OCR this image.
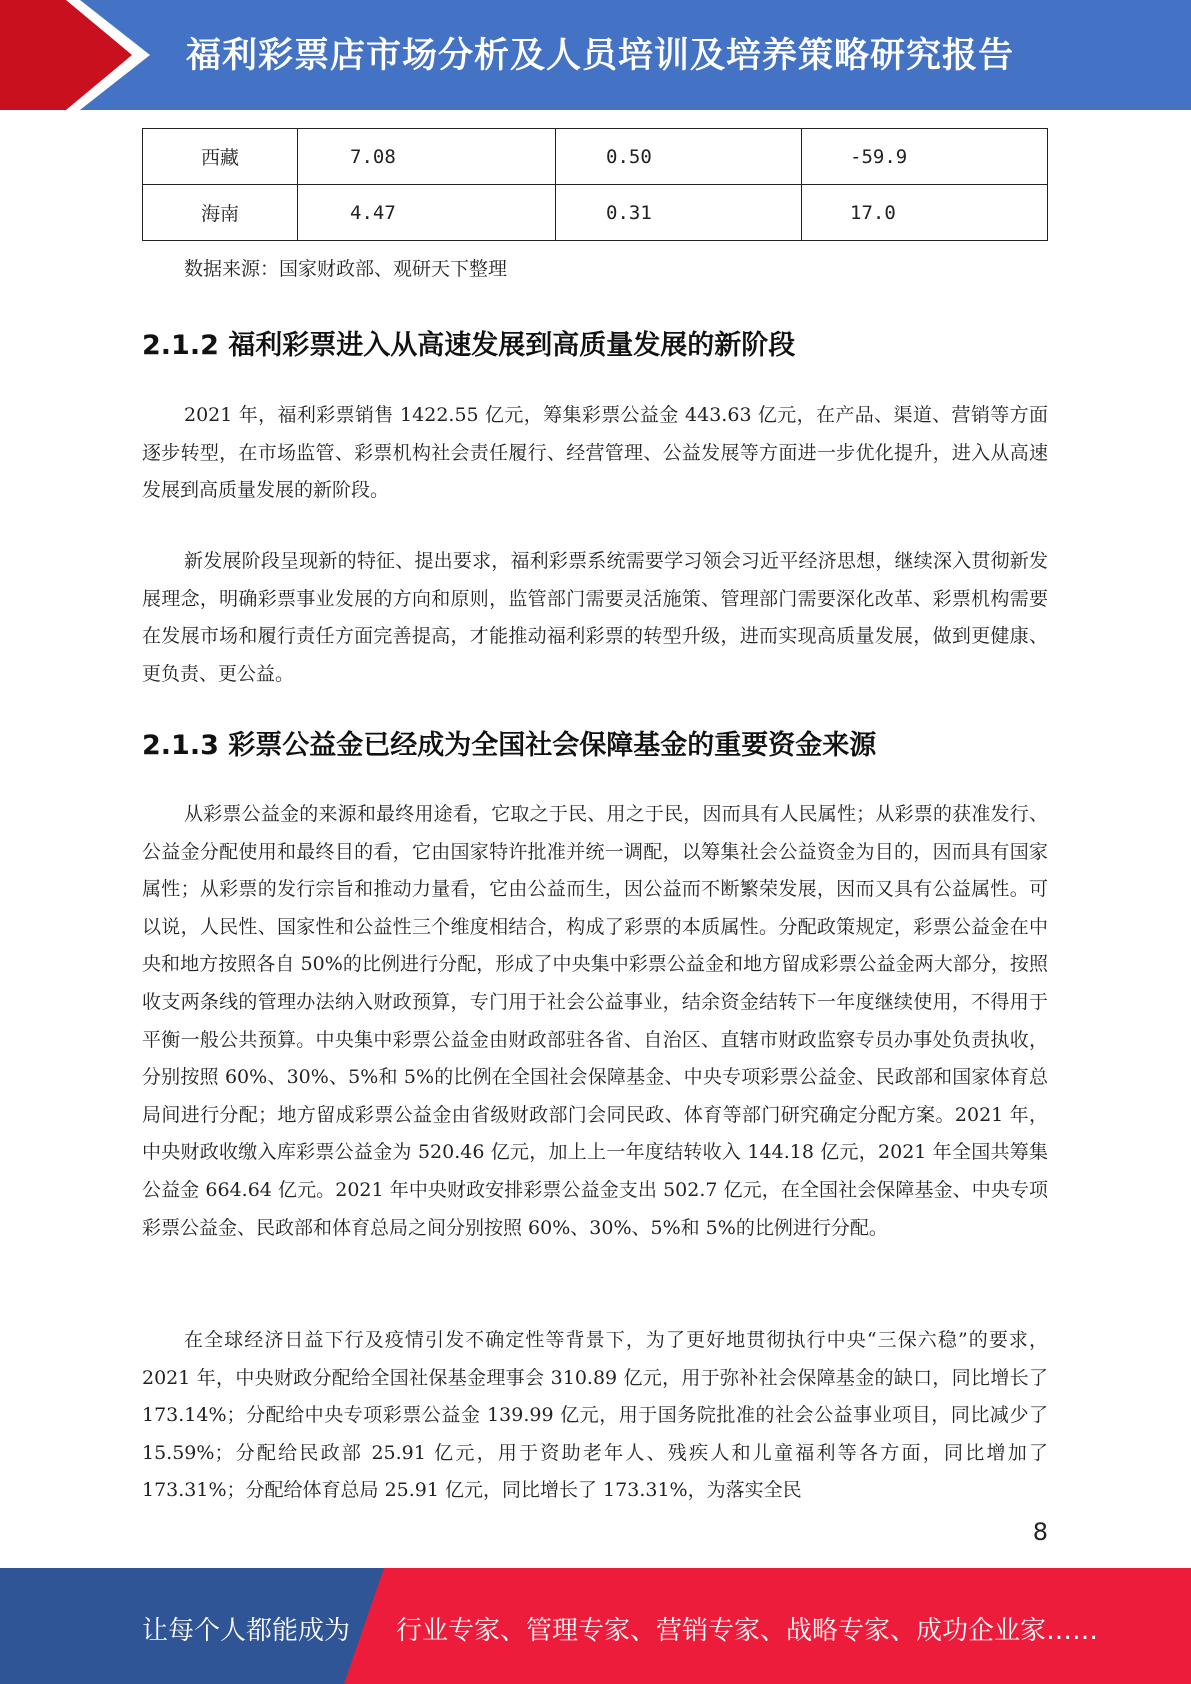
福利彩票店市场分析及人员培训及培养策略研究报告
西藏	7.08	0.50	-59.9
海南	4.47	0.31	17.0
数据来源：国家财政部、观研天下整理
2.1.2 福利彩票进入从高速发展到高质量发展的新阶段

2021 年，福利彩票销售 1422.55 亿元，筹集彩票公益金 443.63 亿元，在产品、渠道、营销等方面逐步转型，在市场监管、彩票机构社会责任履行、经营管理、公益发展等方面进一步优化提升，进入从高速发展到高质量发展的新阶段。

新发展阶段呈现新的特征、提出要求，福利彩票系统需要学习领会习近平经济思想，继续深入贯彻新发展理念，明确彩票事业发展的方向和原则，监管部门需要灵活施策、管理部门需要深化改革、彩票机构需要在发展市场和履行责任方面完善提高，才能推动福利彩票的转型升级，进而实现高质量发展，做到更健康、更负责、更公益。

2.1.3 彩票公益金已经成为全国社会保障基金的重要资金来源

从彩票公益金的来源和最终用途看，它取之于民、用之于民，因而具有人民属性；从彩票的获准发行、公益金分配使用和最终目的看，它由国家特许批准并统一调配，以筹集社会公益资金为目的，因而具有国家属性；从彩票的发行宗旨和推动力量看，它由公益而生，因公益而不断繁荣发展，因而又具有公益属性。可以说，人民性、国家性和公益性三个维度相结合，构成了彩票的本质属性。分配政策规定，彩票公益金在中央和地方按照各自 50%的比例进行分配，形成了中央集中彩票公益金和地方留成彩票公益金两大部分，按照收支两条线的管理办法纳入财政预算，专门用于社会公益事业，结余资金结转下一年度继续使用，不得用于平衡一般公共预算。中央集中彩票公益金由财政部驻各省、自治区、直辖市财政监察专员办事处负责执收，分别按照 60%、30%、5%和 5%的比例在全国社会保障基金、中央专项彩票公益金、民政部和国家体育总局间进行分配；地方留成彩票公益金由省级财政部门会同民政、体育等部门研究确定分配方案。2021 年，中央财政收缴入库彩票公益金为 520.46 亿元，加上上一年度结转收入 144.18 亿元，2021 年全国共筹集公益金 664.64 亿元。2021 年中央财政安排彩票公益金支出 502.7 亿元，在全国社会保障基金、中央专项彩票公益金、民政部和体育总局之间分别按照 60%、30%、5%和 5%的比例进行分配。

在全球经济日益下行及疫情引发不确定性等背景下，为了更好地贯彻执行中央“三保六稳”的要求，2021 年，中央财政分配给全国社保基金理事会 310.89 亿元，用于弥补社会保障基金的缺口，同比增长了 173.14%；分配给中央专项彩票公益金 139.99 亿元，用于国务院批准的社会公益事业项目，同比减少了 15.59%；分配给民政部 25.91 亿元，用于资助老年人、残疾人和儿童福利等各方面，同比增加了 173.31%；分配给体育总局 25.91 亿元，同比增长了 173.31%，为落实全民

8
让每个人都能成为 行业专家、管理专家、营销专家、战略专家、成功企业家……
